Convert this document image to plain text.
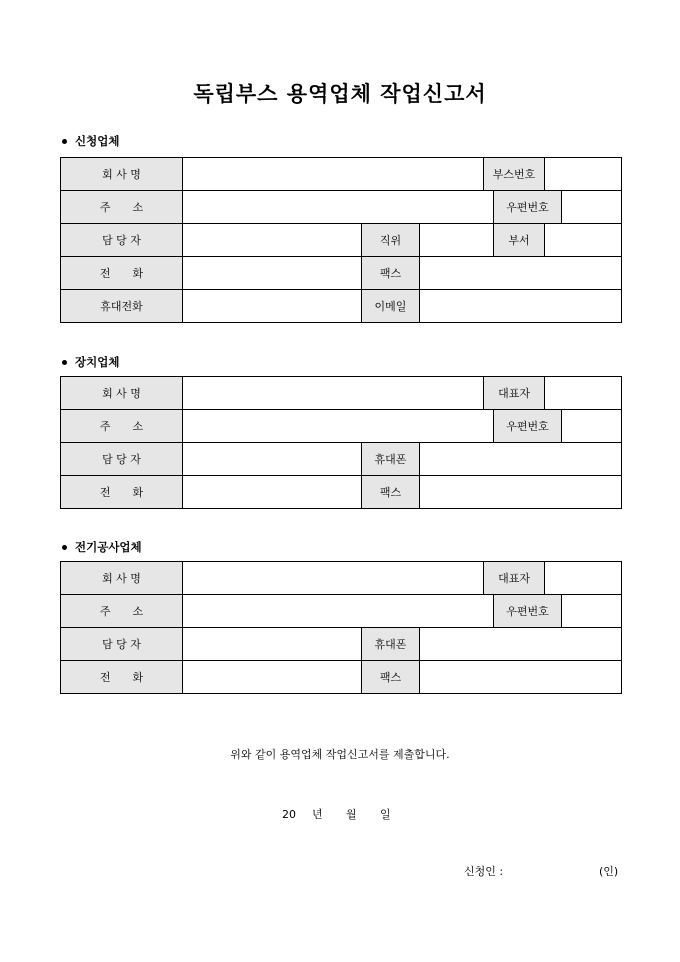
독립부스 용역업체 작업신고서
신청업체
회 사 명				부스번호			
주　　소					우편번호		
담 당 자		직위			부서		
전　　화		팩스					
휴대전화		이메일					
장치업체
회 사 명				대표자			
주　　소					우편번호		
담 당 자		휴대폰					
전　　화		팩스					
전기공사업체
회 사 명				대표자			
주　　소					우편번호		
담 당 자		휴대폰					
전　　화		팩스					
위와 같이 용역업체 작업신고서를 제출합니다.
20 년 월 일
신청인 :	(인)
